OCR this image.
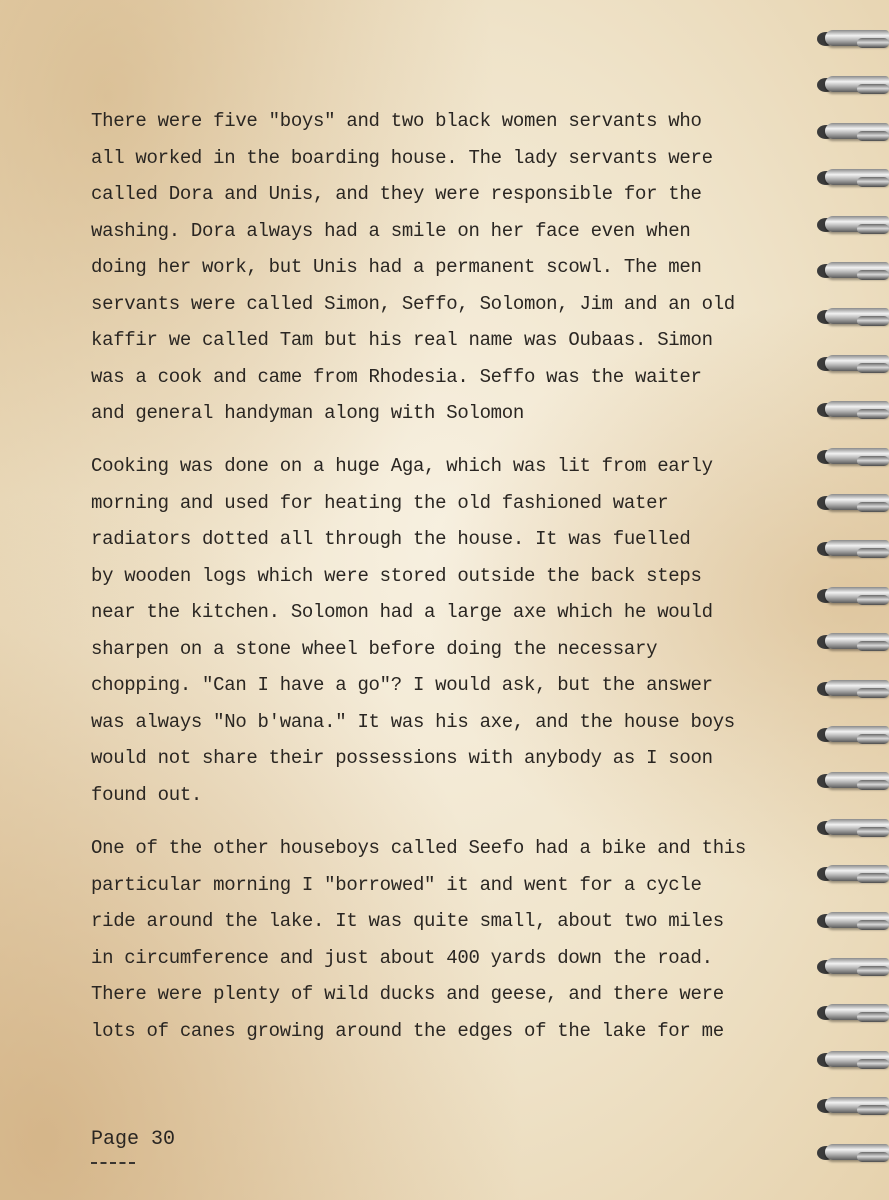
There were five "boys" and two black women servants who
all worked in the boarding house. The lady servants were
called Dora and Unis, and they were responsible for the
washing. Dora always had a smile on her face even when
doing her work, but Unis had a permanent scowl. The men
servants were called Simon, Seffo, Solomon, Jim and an old
kaffir we called Tam but his real name was Oubaas. Simon
was a cook and came from Rhodesia. Seffo was the waiter
and general handyman along with Solomon

Cooking was done on a huge Aga, which was lit from early
morning and used for heating the old fashioned water
radiators dotted all through the house. It was fuelled
by wooden logs which were stored outside the back steps
near the kitchen. Solomon had a large axe which he would
sharpen on a stone wheel before doing the necessary
chopping. "Can I have a go"? I would ask, but the answer
was always "No b'wana." It was his axe, and the house boys
would not share their possessions with anybody as I soon
found out.

One of the other houseboys called Seefo had a bike and this
particular morning I "borrowed" it and went for a cycle
ride around the lake. It was quite small, about two miles
in circumference and just about 400 yards down the road.
There were plenty of wild ducks and geese, and there were
lots of canes growing around the edges of the lake for me

Page 30
